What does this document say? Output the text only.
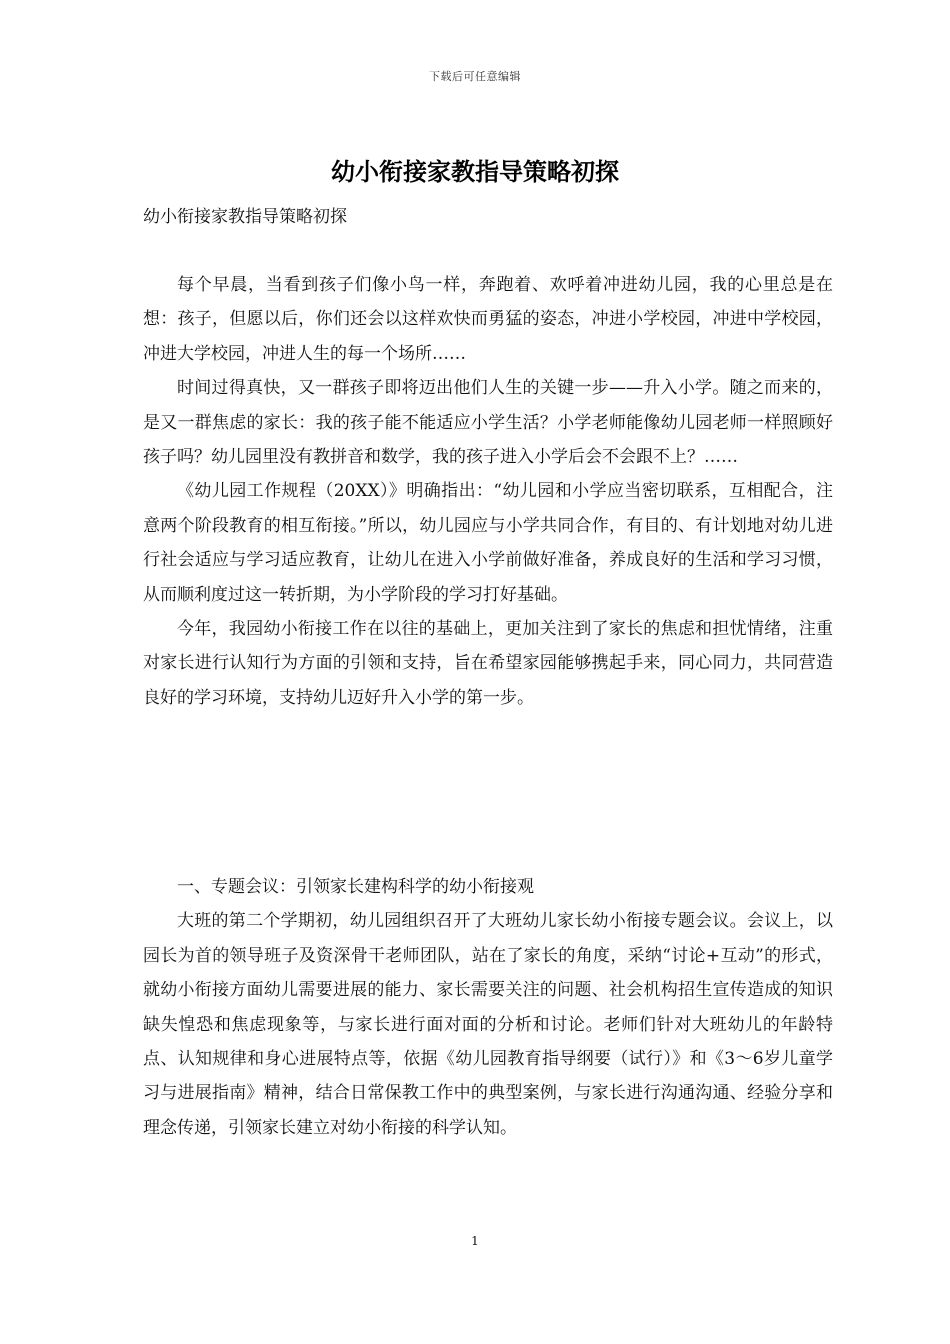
下载后可任意编辑
幼小衔接家教指导策略初探

幼小衔接家教指导策略初探

每个早晨，当看到孩子们像小鸟一样，奔跑着、欢呼着冲进幼儿园，我的心里总是在想：孩子，但愿以后，你们还会以这样欢快而勇猛的姿态，冲进小学校园，冲进中学校园，冲进大学校园，冲进人生的每一个场所……

时间过得真快，又一群孩子即将迈出他们人生的关键一步——升入小学。随之而来的，是又一群焦虑的家长：我的孩子能不能适应小学生活？小学老师能像幼儿园老师一样照顾好孩子吗？幼儿园里没有教拼音和数学，我的孩子进入小学后会不会跟不上？……

《幼儿园工作规程（20XX）》明确指出：“幼儿园和小学应当密切联系，互相配合，注意两个阶段教育的相互衔接。”所以，幼儿园应与小学共同合作，有目的、有计划地对幼儿进行社会适应与学习适应教育，让幼儿在进入小学前做好准备，养成良好的生活和学习习惯，从而顺利度过这一转折期，为小学阶段的学习打好基础。

今年，我园幼小衔接工作在以往的基础上，更加关注到了家长的焦虑和担忧情绪，注重对家长进行认知行为方面的引领和支持，旨在希望家园能够携起手来，同心同力，共同营造良好的学习环境，支持幼儿迈好升入小学的第一步。

一、专题会议：引领家长建构科学的幼小衔接观

大班的第二个学期初，幼儿园组织召开了大班幼儿家长幼小衔接专题会议。会议上，以园长为首的领导班子及资深骨干老师团队，站在了家长的角度，采纳“讨论+互动”的形式，就幼小衔接方面幼儿需要进展的能力、家长需要关注的问题、社会机构招生宣传造成的知识缺失惶恐和焦虑现象等，与家长进行面对面的分析和讨论。老师们针对大班幼儿的年龄特点、认知规律和身心进展特点等，依据《幼儿园教育指导纲要（试行）》和《3～6岁儿童学习与进展指南》精神，结合日常保教工作中的典型案例，与家长进行沟通沟通、经验分享和理念传递，引领家长建立对幼小衔接的科学认知。

1
